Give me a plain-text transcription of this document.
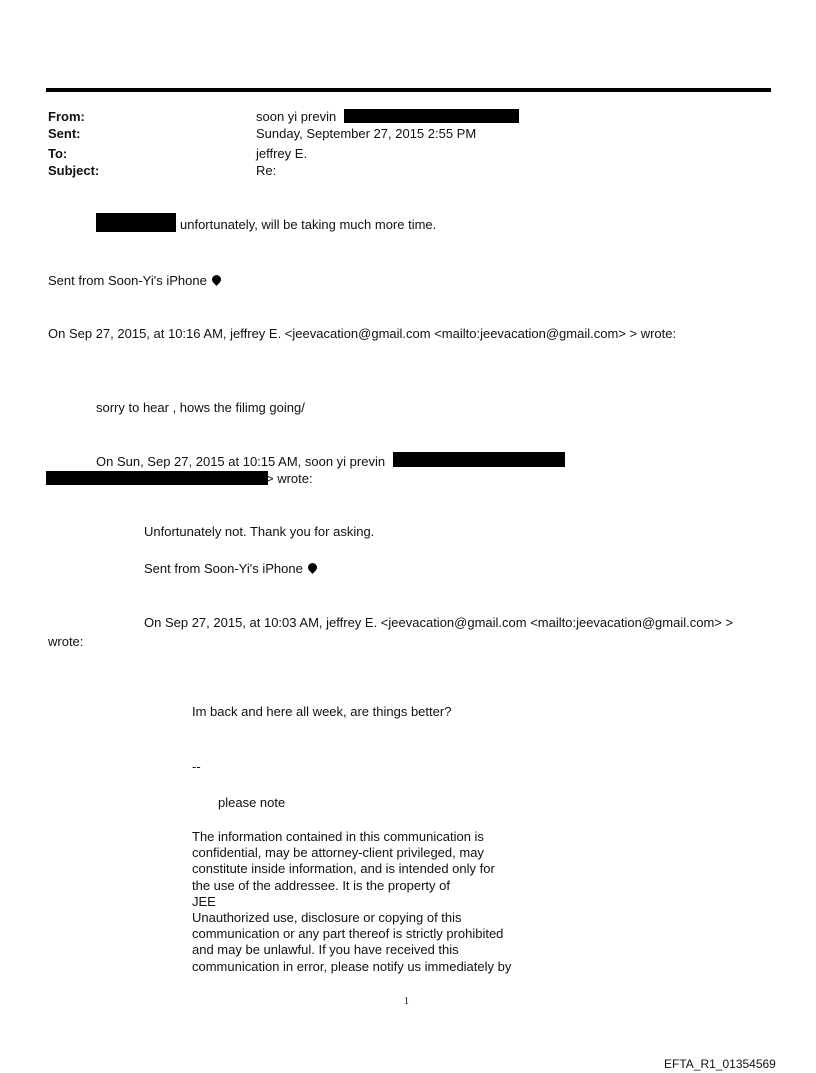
From:	soon yi previn
Sent:	Sunday, September 27, 2015 2:55 PM
To:	jeffrey E.
Subject:	Re:
unfortunately, will be taking much more time.
Sent from Soon-Yi's iPhone
On Sep 27, 2015, at 10:16 AM, jeffrey E. <jeevacation@gmail.com <mailto:jeevacation@gmail.com> > wrote:
sorry to hear , hows the filimg going/
On Sun, Sep 27, 2015 at 10:15 AM, soon yi previn
> wrote:
Unfortunately not. Thank you for asking.
Sent from Soon-Yi's iPhone
On Sep 27, 2015, at 10:03 AM, jeffrey E. <jeevacation@gmail.com <mailto:jeevacation@gmail.com> >
wrote:
Im back and here all week, are things better?
--
please note
The information contained in this communication is
confidential, may be attorney-client privileged, may
constitute inside information, and is intended only for
the use of the addressee. It is the property of
JEE
Unauthorized use, disclosure or copying of this
communication or any part thereof is strictly prohibited
and may be unlawful. If you have received this
communication in error, please notify us immediately by
1
EFTA_R1_01354569
